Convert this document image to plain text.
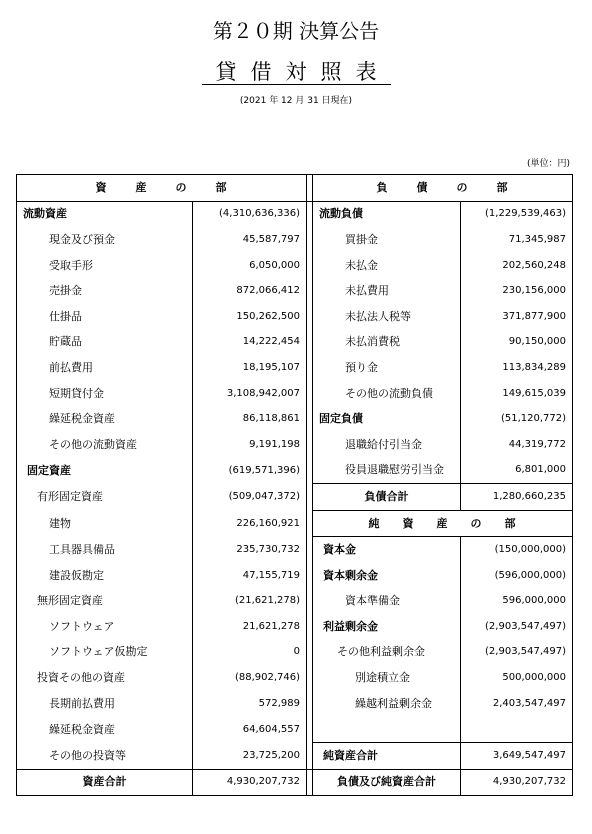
第２０期 決算公告
貸借対照表
(2021 年 12 月 31 日現在)
(単位：円)
資 産 の 部			負 債 の 部	

流動資産	(4,310,636,336)		流動負債	(1,229,539,463)
現金及び預金	45,587,797		買掛金	71,345,987
受取手形	6,050,000		未払金	202,560,248
売掛金	872,066,412		未払費用	230,156,000
仕掛品	150,262,500		未払法人税等	371,877,900
貯蔵品	14,222,454		未払消費税	90,150,000
前払費用	18,195,107		預り金	113,834,289
短期貸付金	3,108,942,007		その他の流動負債	149,615,039
繰延税金資産	86,118,861		固定負債	(51,120,772)
その他の流動資産	9,191,198		退職給付引当金	44,319,772
固定資産	(619,571,396)		役員退職慰労引当金	6,801,000
有形固定資産	(509,047,372)		負債合計	1,280,660,235
建物	226,160,921		純 資 産 の 部	
工具器具備品	235,730,732		資本金	(150,000,000)
建設仮勘定	47,155,719		資本剰余金	(596,000,000)
無形固定資産	(21,621,278)		資本準備金	596,000,000
ソフトウェア	21,621,278		利益剰余金	(2,903,547,497)
ソフトウェア仮勘定	0		その他利益剰余金	(2,903,547,497)
投資その他の資産	(88,902,746)		別途積立金	500,000,000
長期前払費用	572,989		繰越利益剰余金	2,403,547,497
繰延税金資産	64,604,557			
その他の投資等	23,725,200		純資産合計	3,649,547,497
資産合計	4,930,207,732		負債及び純資産合計	4,930,207,732
